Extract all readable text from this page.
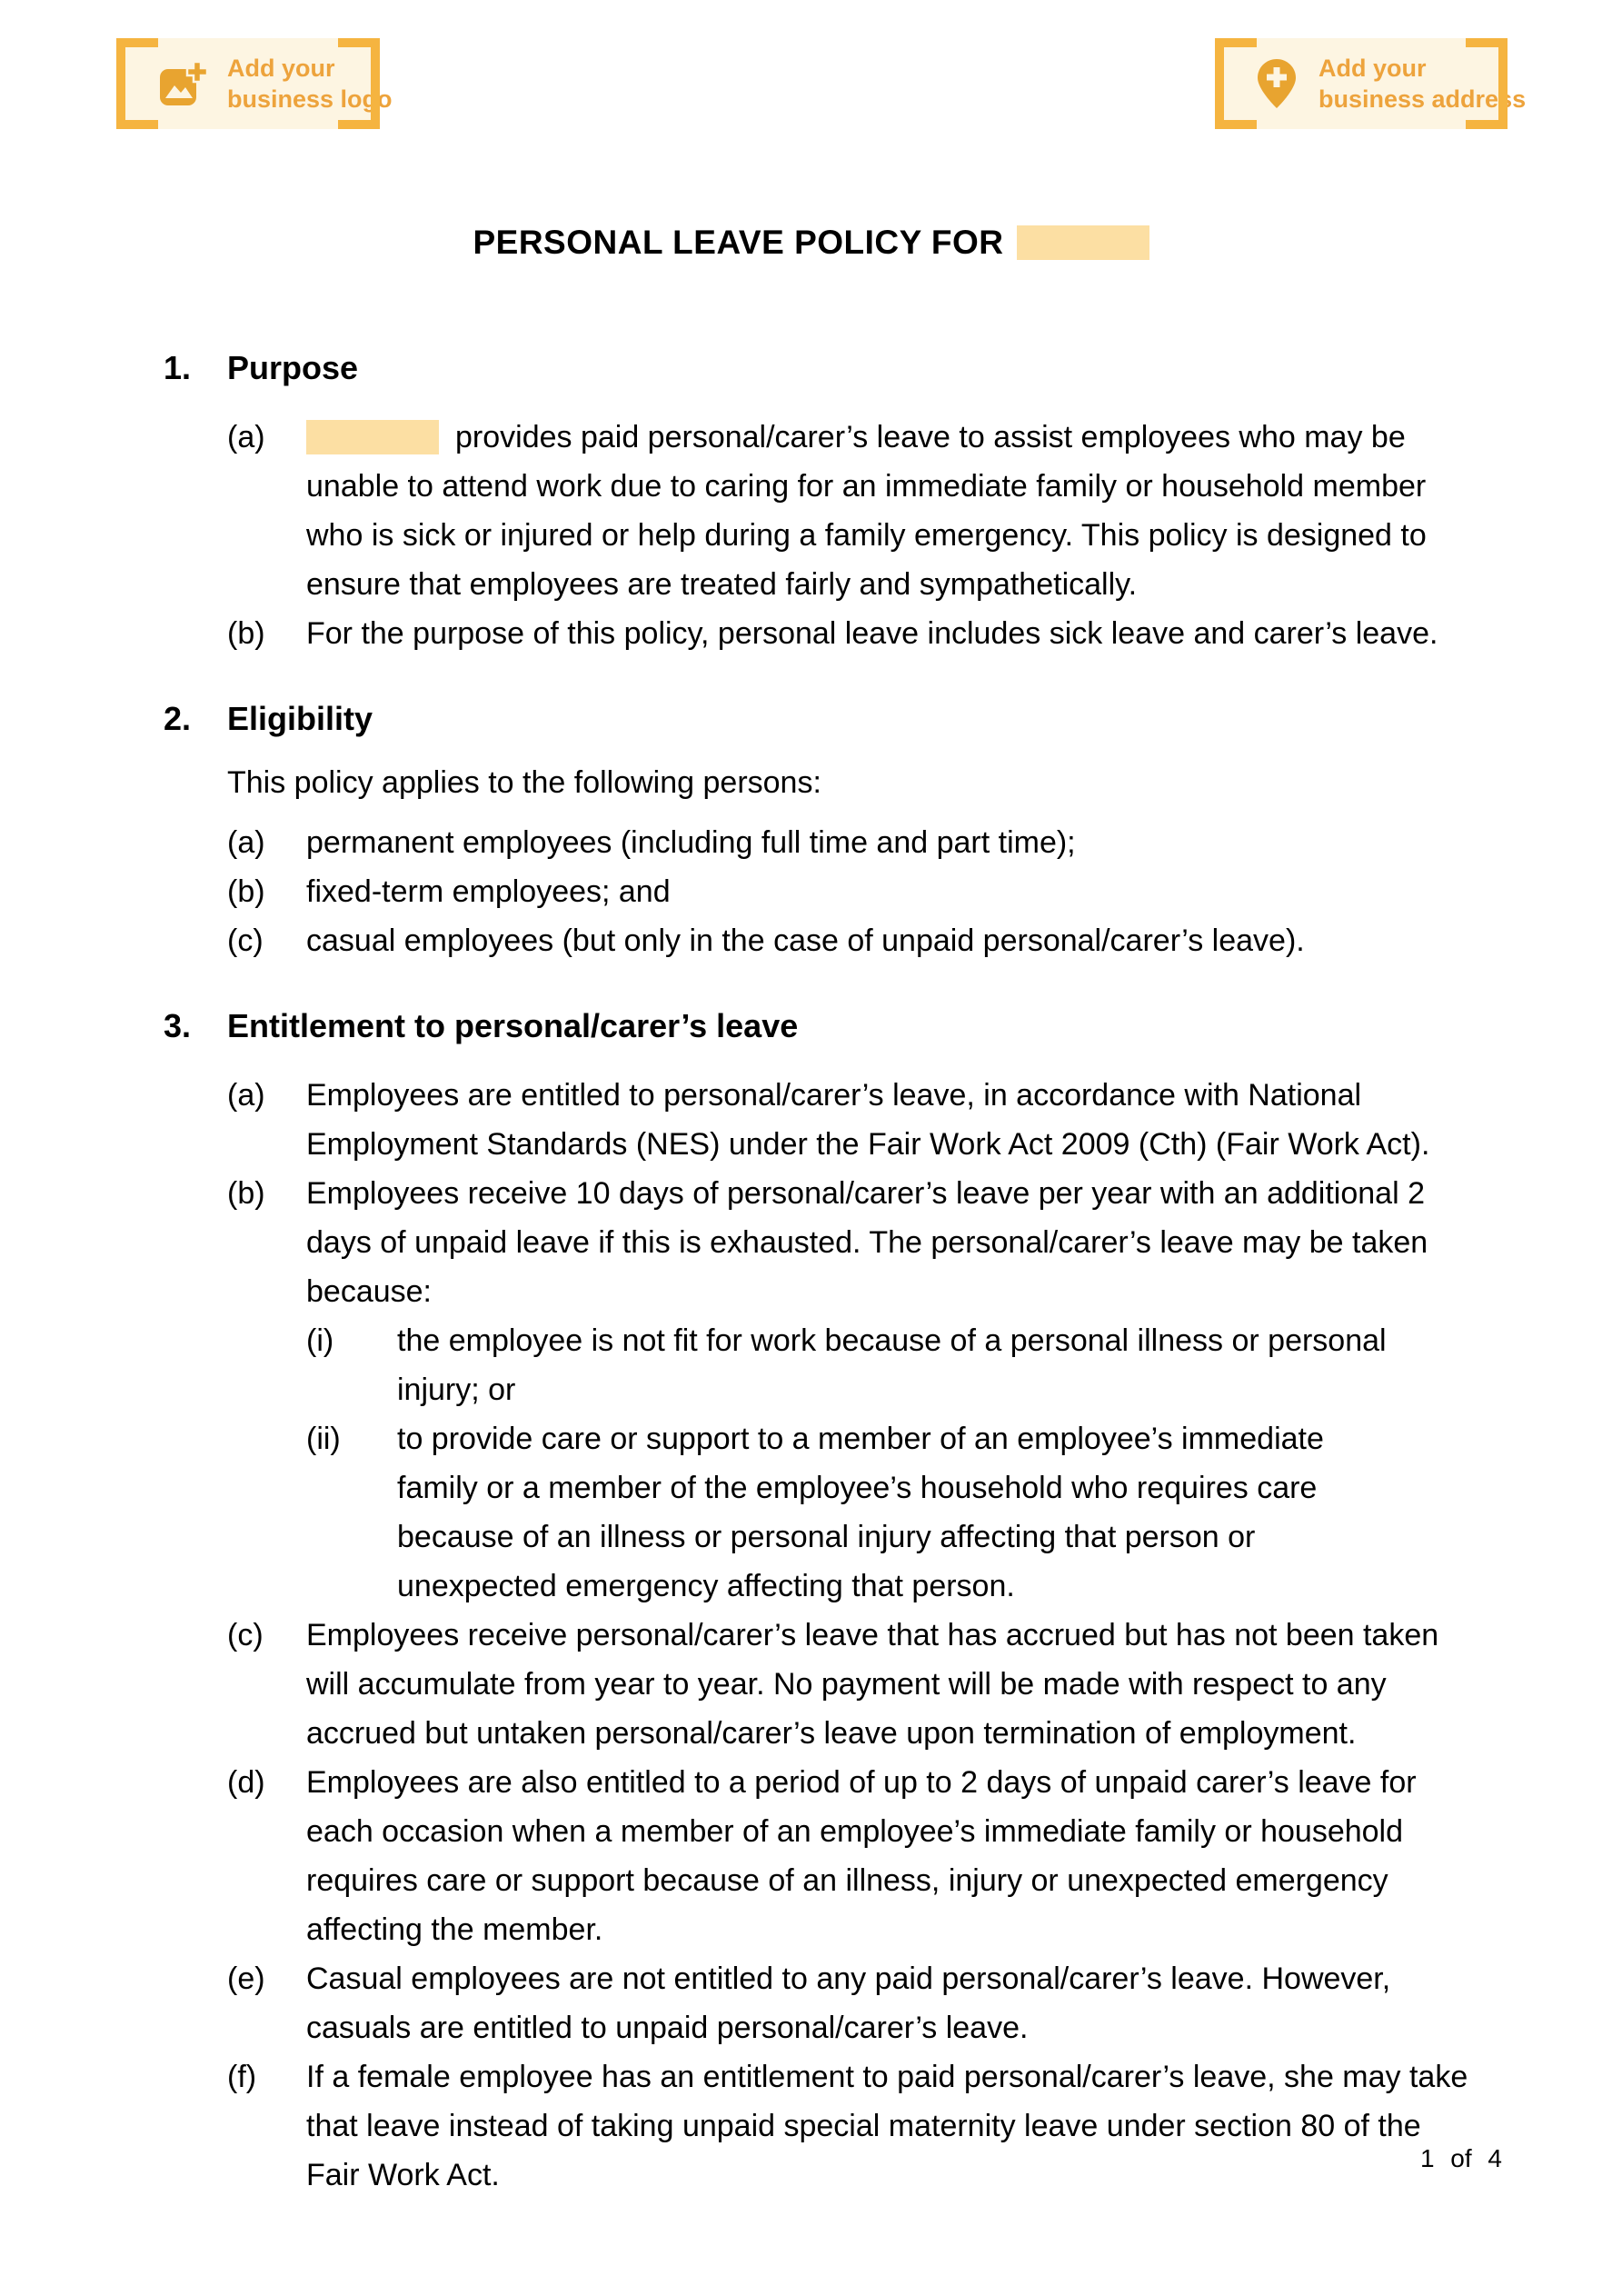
Add your
business logo
Add your
business address
PERSONAL LEAVE POLICY FOR
1.	Purpose
(a)	provides paid personal/carer’s leave to assist employees who may be unable to attend work due to caring for an immediate family or household member who is sick or injured or help during a family emergency. This policy is designed to ensure that employees are treated fairly and sympathetically.
(b)	For the purpose of this policy, personal leave includes sick leave and carer’s leave.
2.	Eligibility
This policy applies to the following persons:
(a)	permanent employees (including full time and part time);
(b)	fixed-term employees; and
(c)	casual employees (but only in the case of unpaid personal/carer’s leave).
3.	Entitlement to personal/carer’s leave
(a)	Employees are entitled to personal/carer’s leave, in accordance with National Employment Standards (NES) under the Fair Work Act 2009 (Cth) (Fair Work Act).
(b)	Employees receive 10 days of personal/carer’s leave per year with an additional 2 days of unpaid leave if this is exhausted. The personal/carer’s leave may be taken because:
(i)	the employee is not fit for work because of a personal illness or personal injury; or
(ii)	to provide care or support to a member of an employee’s immediate family or a member of the employee’s household who requires care because of an illness or personal injury affecting that person or unexpected emergency affecting that person.
(c)	Employees receive personal/carer’s leave that has accrued but has not been taken will accumulate from year to year. No payment will be made with respect to any accrued but untaken personal/carer’s leave upon termination of employment.
(d)	Employees are also entitled to a period of up to 2 days of unpaid carer’s leave for each occasion when a member of an employee’s immediate family or household requires care or support because of an illness, injury or unexpected emergency affecting the member.
(e)	Casual employees are not entitled to any paid personal/carer’s leave. However, casuals are entitled to unpaid personal/carer’s leave.
(f)	If a female employee has an entitlement to paid personal/carer’s leave, she may take that leave instead of taking unpaid special maternity leave under section 80 of the Fair Work Act.	1 of 4
